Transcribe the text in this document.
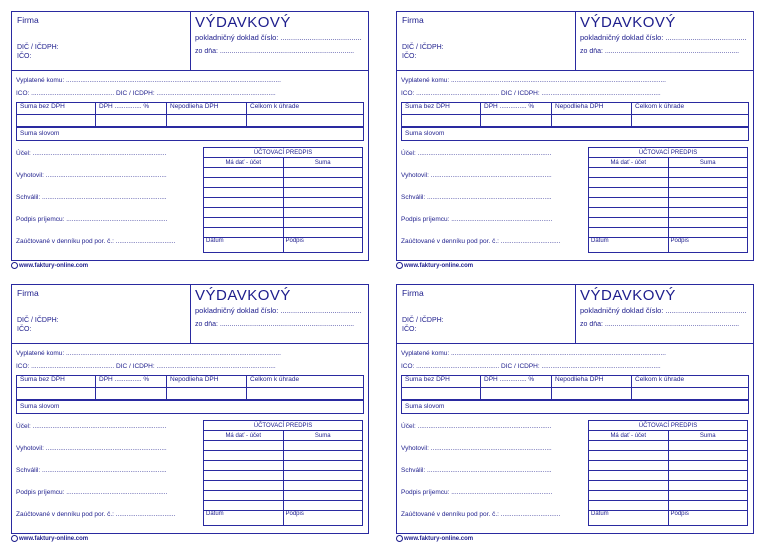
Firma
DIČ / IČDPH:
IČO:
VÝDAVKOVÝ
pokladničný doklad číslo: .......................................
zo dňa: .....................................................................
Vyplatené komu: .......................................................................................................................
IČO: .............................................. DIČ / IČDPH: ..................................................................
Suma bez DPH	DPH ............... %	Nepodlieha DPH	Celkom k úhrade

Suma slovom
Účel: ..........................................................................
Vyhotovil: ...................................................................
Schválil: .....................................................................
Podpis príjemcu: ........................................................
Zaúčtované v denníku pod por. č.: .................................
ÚČTOVACÍ PREDPIS	
Má dať - účet	Suma

Dátum	Podpis
www.faktury-online.com
Firma
DIČ / IČDPH:
IČO:
VÝDAVKOVÝ
pokladničný doklad číslo: .......................................
zo dňa: .....................................................................
Vyplatené komu: .......................................................................................................................
IČO: .............................................. DIČ / IČDPH: ..................................................................
Suma bez DPH	DPH ............... %	Nepodlieha DPH	Celkom k úhrade

Suma slovom
Účel: ..........................................................................
Vyhotovil: ...................................................................
Schválil: .....................................................................
Podpis príjemcu: ........................................................
Zaúčtované v denníku pod por. č.: .................................
ÚČTOVACÍ PREDPIS	
Má dať - účet	Suma

Dátum	Podpis
www.faktury-online.com
Firma
DIČ / IČDPH:
IČO:
VÝDAVKOVÝ
pokladničný doklad číslo: .......................................
zo dňa: .....................................................................
Vyplatené komu: .......................................................................................................................
IČO: .............................................. DIČ / IČDPH: ..................................................................
Suma bez DPH	DPH ............... %	Nepodlieha DPH	Celkom k úhrade

Suma slovom
Účel: ..........................................................................
Vyhotovil: ...................................................................
Schválil: .....................................................................
Podpis príjemcu: ........................................................
Zaúčtované v denníku pod por. č.: .................................
ÚČTOVACÍ PREDPIS	
Má dať - účet	Suma

Dátum	Podpis
www.faktury-online.com
Firma
DIČ / IČDPH:
IČO:
VÝDAVKOVÝ
pokladničný doklad číslo: .......................................
zo dňa: .....................................................................
Vyplatené komu: .......................................................................................................................
IČO: .............................................. DIČ / IČDPH: ..................................................................
Suma bez DPH	DPH ............... %	Nepodlieha DPH	Celkom k úhrade

Suma slovom
Účel: ..........................................................................
Vyhotovil: ...................................................................
Schválil: .....................................................................
Podpis príjemcu: ........................................................
Zaúčtované v denníku pod por. č.: .................................
ÚČTOVACÍ PREDPIS	
Má dať - účet	Suma

Dátum	Podpis
www.faktury-online.com
